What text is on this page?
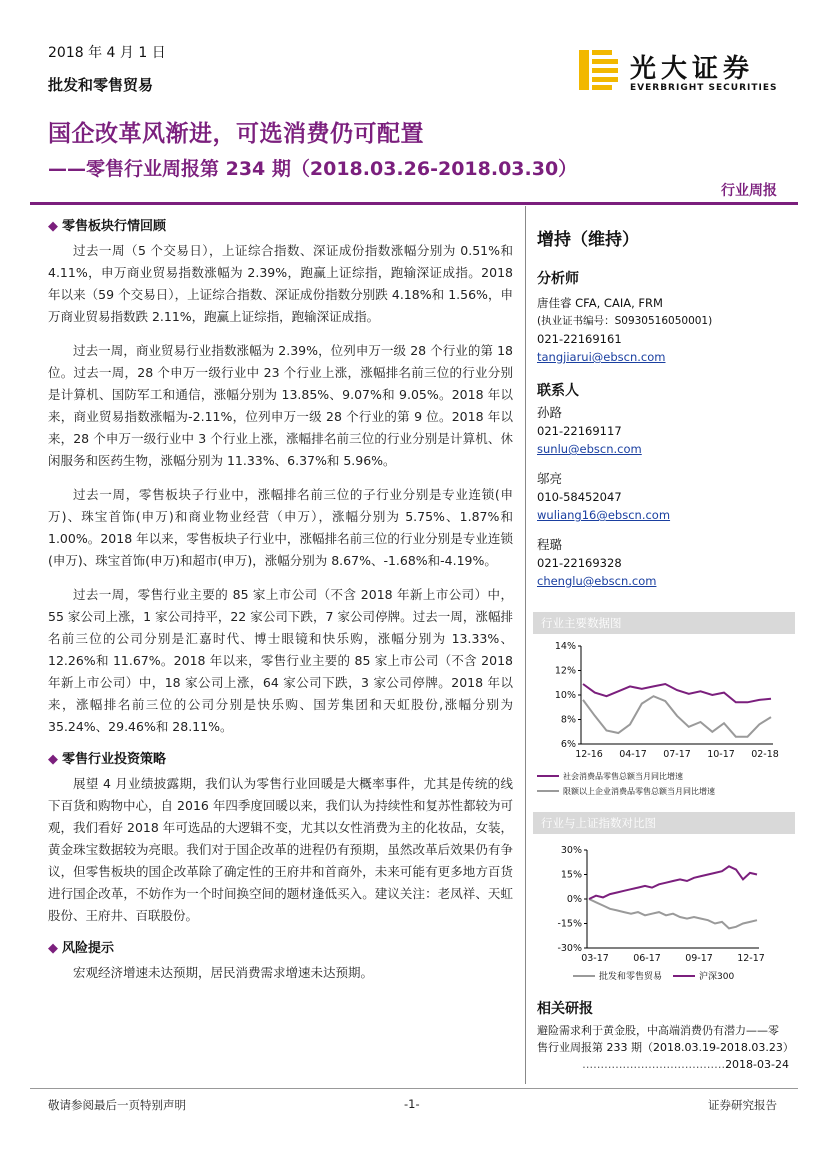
2018 年 4 月 1 日
批发和零售贸易
国企改革风渐进，可选消费仍可配置
——零售行业周报第 234 期（2018.03.26-2018.03.30）
行业周报
光大证券
EVERBRIGHT SECURITIES
◆ 零售板块行情回顾
过去一周（5 个交易日），上证综合指数、深证成份指数涨幅分别为 0.51%和 4.11%，申万商业贸易指数涨幅为 2.39%，跑赢上证综指，跑输深证成指。2018 年以来（59 个交易日），上证综合指数、深证成份指数分别跌 4.18%和 1.56%，申万商业贸易指数跌 2.11%，跑赢上证综指，跑输深证成指。
过去一周，商业贸易行业指数涨幅为 2.39%，位列申万一级 28 个行业的第 18 位。过去一周，28 个申万一级行业中 23 个行业上涨，涨幅排名前三位的行业分别是计算机、国防军工和通信，涨幅分别为 13.85%、9.07%和 9.05%。2018 年以来，商业贸易指数涨幅为-2.11%，位列申万一级 28 个行业的第 9 位。2018 年以来，28 个申万一级行业中 3 个行业上涨，涨幅排名前三位的行业分别是计算机、休闲服务和医药生物，涨幅分别为 11.33%、6.37%和 5.96%。
过去一周，零售板块子行业中，涨幅排名前三位的子行业分别是专业连锁(申万)、珠宝首饰(申万)和商业物业经营（申万），涨幅分别为 5.75%、1.87%和 1.00%。2018 年以来，零售板块子行业中，涨幅排名前三位的行业分别是专业连锁(申万)、珠宝首饰(申万)和超市(申万)，涨幅分别为 8.67%、-1.68%和-4.19%。
过去一周，零售行业主要的 85 家上市公司（不含 2018 年新上市公司）中，55 家公司上涨，1 家公司持平，22 家公司下跌，7 家公司停牌。过去一周，涨幅排名前三位的公司分别是汇嘉时代、博士眼镜和快乐购，涨幅分别为 13.33%、12.26%和 11.67%。2018 年以来，零售行业主要的 85 家上市公司（不含 2018 年新上市公司）中，18 家公司上涨，64 家公司下跌，3 家公司停牌。2018 年以来，涨幅排名前三位的公司分别是快乐购、国芳集团和天虹股份,涨幅分别为 35.24%、29.46%和 28.11%。
◆ 零售行业投资策略
展望 4 月业绩披露期，我们认为零售行业回暖是大概率事件，尤其是传统的线下百货和购物中心，自 2016 年四季度回暖以来，我们认为持续性和复苏性都较为可观，我们看好 2018 年可选品的大逻辑不变，尤其以女性消费为主的化妆品，女装，黄金珠宝数据较为亮眼。我们对于国企改革的进程仍有预期，虽然改革后效果仍有争议，但零售板块的国企改革除了确定性的王府井和首商外，未来可能有更多地方百货进行国企改革，不妨作为一个时间换空间的题材逢低买入。建议关注：老凤祥、天虹股份、王府井、百联股份。
◆ 风险提示
宏观经济增速未达预期，居民消费需求增速未达预期。
增持（维持）
分析师
唐佳睿 CFA, CAIA, FRM
(执业证书编号：S0930516050001)
021-22169161
tangjiarui@ebscn.com
联系人
孙路
021-22169117
sunlu@ebscn.com
邬亮
010-58452047
wuliang16@ebscn.com
程璐
021-22169328
chenglu@ebscn.com
行业主要数据图
14%
12%
10%
8%
6%
12-16 04-17 07-17 10-17 02-18
社会消费品零售总额当月同比增速
限额以上企业消费品零售总额当月同比增速
行业与上证指数对比图
30%
15%
0%
-15%
-30%
03-17	06-17	09-17	12-17
批发和零售贸易	沪深300
相关研报
避险需求利于黄金股，中高端消费仍有潜力——零售行业周报第 233 期（2018.03.19-2018.03.23）
…………………………………2018-03-24
敬请参阅最后一页特别声明	-1-	证券研究报告
